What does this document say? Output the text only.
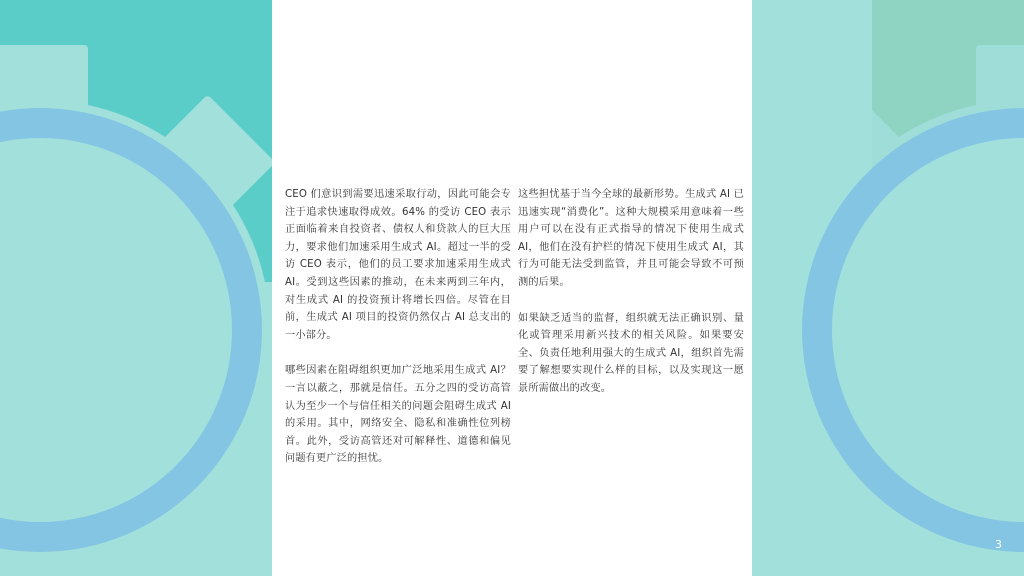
CEO 们意识到需要迅速采取行动，因此可能会专注于追求快速取得成效。64% 的受访 CEO 表示正面临着来自投资者、债权人和贷款人的巨大压力，要求他们加速采用生成式 AI。超过一半的受访 CEO 表示，他们的员工要求加速采用生成式 AI。受到这些因素的推动，在未来两到三年内，对生成式 AI 的投资预计将增长四倍。尽管在目前，生成式 AI 项目的投资仍然仅占 AI 总支出的一小部分。

哪些因素在阻碍组织更加广泛地采用生成式 AI？一言以蔽之，那就是信任。五分之四的受访高管认为至少一个与信任相关的问题会阻碍生成式 AI 的采用。其中，网络安全、隐私和准确性位列榜首。此外，受访高管还对可解释性、道德和偏见问题有更广泛的担忧。

这些担忧基于当今全球的最新形势。生成式 AI 已迅速实现“消费化”。这种大规模采用意味着一些用户可以在没有正式指导的情况下使用生成式 AI，他们在没有护栏的情况下使用生成式 AI，其行为可能无法受到监管，并且可能会导致不可预测的后果。

如果缺乏适当的监督，组织就无法正确识别、量化或管理采用新兴技术的相关风险。如果要安全、负责任地利用强大的生成式 AI，组织首先需要了解想要实现什么样的目标，以及实现这一愿景所需做出的改变。

3
